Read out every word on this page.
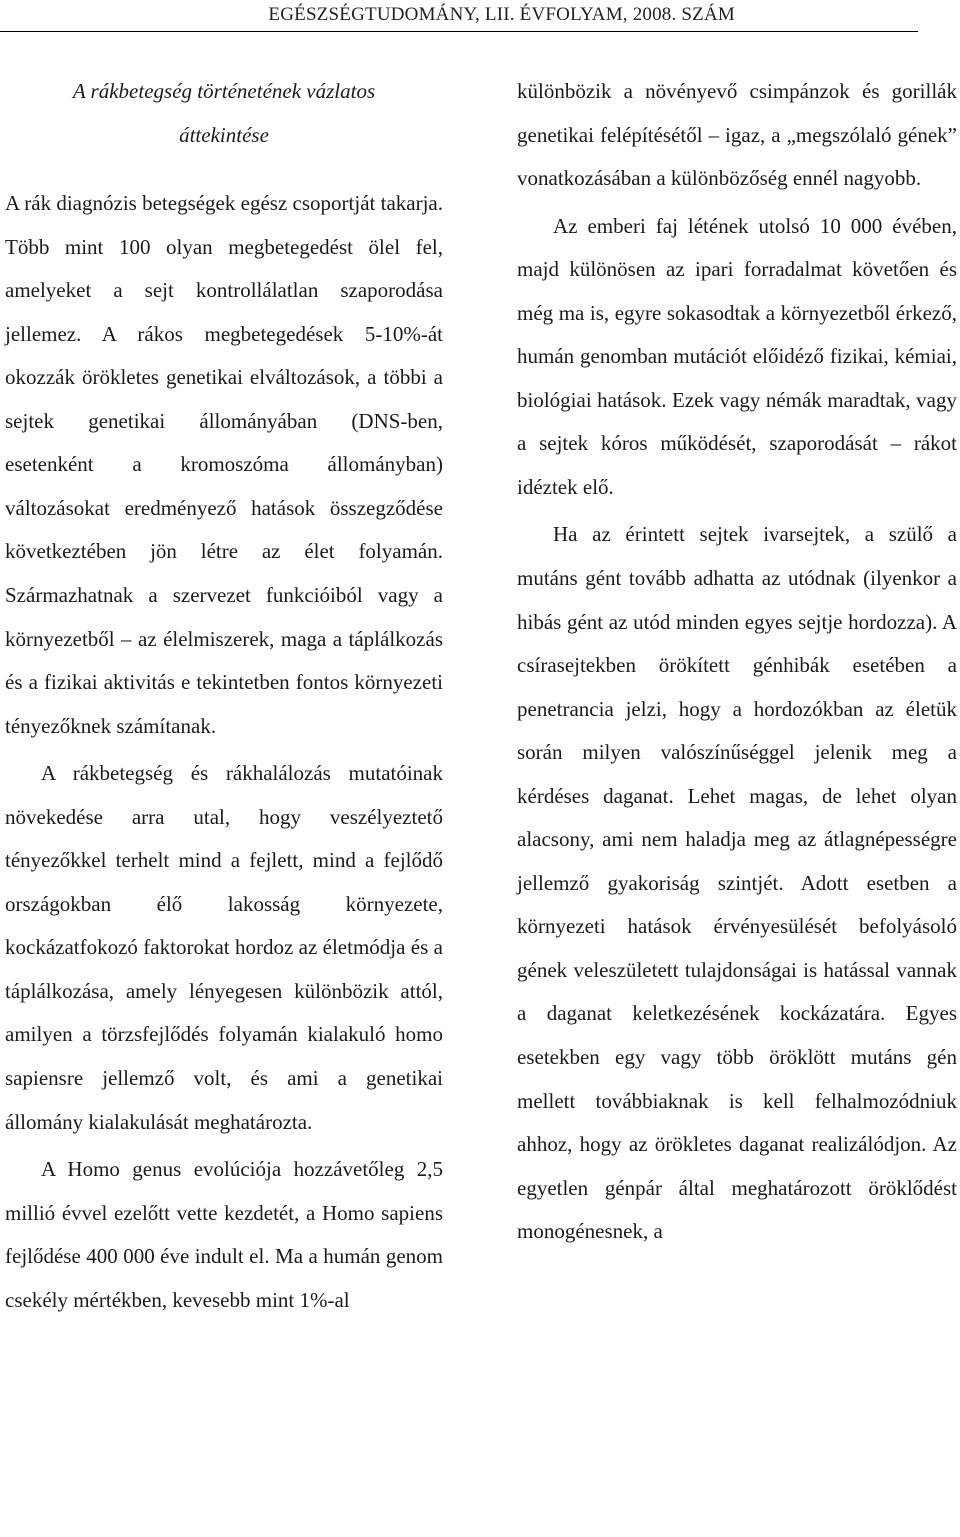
EGÉSZSÉGTUDOMÁNY, LII. ÉVFOLYAM, 2008. SZÁM
A rákbetegség történetének vázlatos
áttekintése

A rák diagnózis betegségek egész csoportját takarja. Több mint 100 olyan megbetegedést ölel fel, amelyeket a sejt kontrollálatlan szaporodása jellemez. A rákos megbetegedések 5-10%-át okozzák örökletes genetikai elváltozások, a többi a sejtek genetikai állományában (DNS-ben, esetenként a kromoszóma állományban) változásokat eredményező hatások összegződése következtében jön létre az élet folyamán. Származhatnak a szervezet funkcióiból vagy a környezetből – az élelmiszerek, maga a táplálkozás és a fizikai aktivitás e tekintetben fontos környezeti tényezőknek számítanak.

A rákbetegség és rákhalálozás mutatóinak növekedése arra utal, hogy veszélyeztető tényezőkkel terhelt mind a fejlett, mind a fejlődő országokban élő lakosság környezete, kockázatfokozó faktorokat hordoz az életmódja és a táplálkozása, amely lényegesen különbözik attól, amilyen a törzsfejlődés folyamán kialakuló homo sapiensre jellemző volt, és ami a genetikai állomány kialakulását meghatározta.

A Homo genus evolúciója hozzávetőleg 2,5 millió évvel ezelőtt vette kezdetét, a Homo sapiens fejlődése 400 000 éve indult el. Ma a humán genom csekély mértékben, kevesebb mint 1%-al

különbözik a növényevő csimpánzok és gorillák genetikai felépítésétől – igaz, a „megszólaló gének” vonatkozásában a különbözőség ennél nagyobb.

Az emberi faj létének utolsó 10 000 évében, majd különösen az ipari forradalmat követően és még ma is, egyre sokasodtak a környezetből érkező, humán genomban mutációt előidéző fizikai, kémiai, biológiai hatások. Ezek vagy némák maradtak, vagy a sejtek kóros működését, szaporodását – rákot idéztek elő.

Ha az érintett sejtek ivarsejtek, a szülő a mutáns gént tovább adhatta az utódnak (ilyenkor a hibás gént az utód minden egyes sejtje hordozza). A csírasejtekben örökített génhibák esetében a penetrancia jelzi, hogy a hordozókban az életük során milyen valószínűséggel jelenik meg a kérdéses daganat. Lehet magas, de lehet olyan alacsony, ami nem haladja meg az átlagnépességre jellemző gyakoriság szintjét. Adott esetben a környezeti hatások érvényesülését befolyásoló gének veleszületett tulajdonságai is hatással vannak a daganat keletkezésének kockázatára. Egyes esetekben egy vagy több öröklött mutáns gén mellett továbbiaknak is kell felhalmozódniuk ahhoz, hogy az örökletes daganat realizálódjon. Az egyetlen génpár által meghatározott öröklődést monogénesnek, a
